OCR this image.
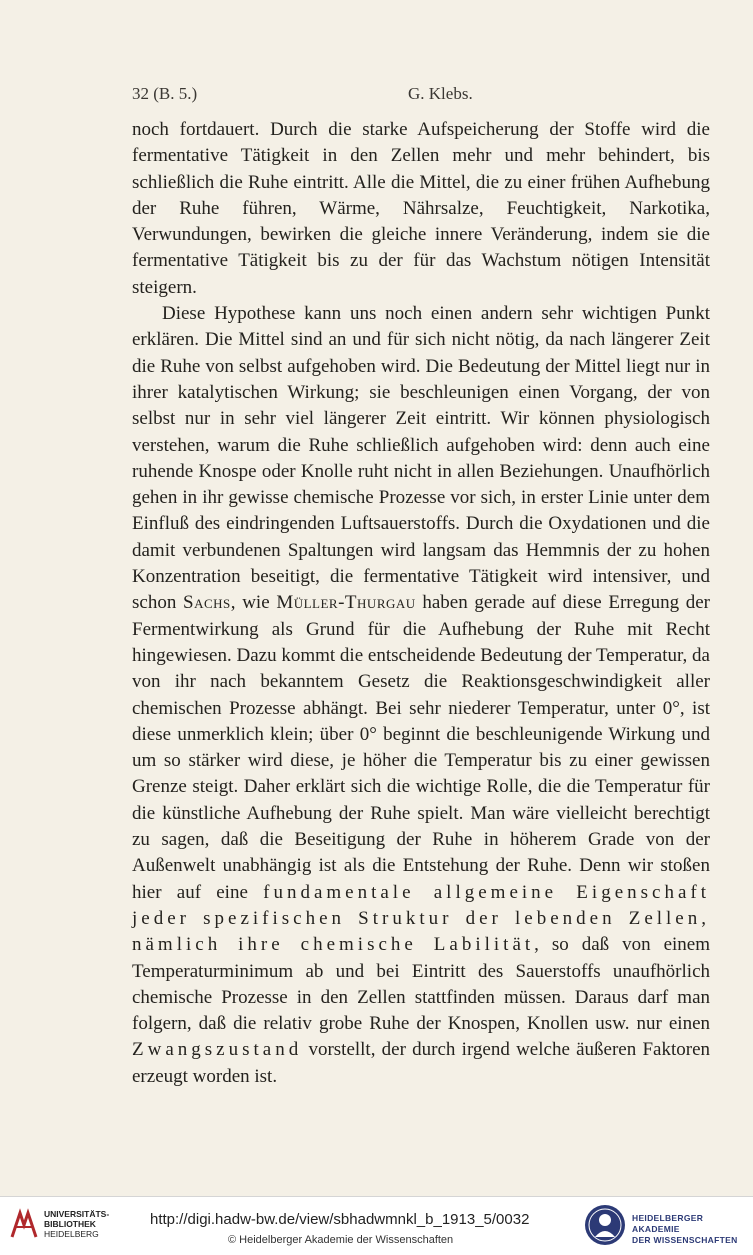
32 (B. 5.)	G. Klebs.

noch fortdauert. Durch die starke Aufspeicherung der Stoffe wird die fermentative Tätigkeit in den Zellen mehr und mehr behindert, bis schließlich die Ruhe eintritt. Alle die Mittel, die zu einer frühen Aufhebung der Ruhe führen, Wärme, Nährsalze, Feuchtigkeit, Narkotika, Verwundungen, bewirken die gleiche innere Veränderung, indem sie die fermentative Tätigkeit bis zu der für das Wachstum nötigen Intensität steigern.

Diese Hypothese kann uns noch einen andern sehr wichtigen Punkt erklären. Die Mittel sind an und für sich nicht nötig, da nach längerer Zeit die Ruhe von selbst aufgehoben wird. Die Bedeutung der Mittel liegt nur in ihrer katalytischen Wirkung; sie beschleunigen einen Vorgang, der von selbst nur in sehr viel längerer Zeit eintritt. Wir können physiologisch verstehen, warum die Ruhe schließlich aufgehoben wird: denn auch eine ruhende Knospe oder Knolle ruht nicht in allen Beziehungen. Unaufhörlich gehen in ihr gewisse chemische Prozesse vor sich, in erster Linie unter dem Einfluß des eindringenden Luftsauerstoffs. Durch die Oxydationen und die damit verbundenen Spaltungen wird langsam das Hemmnis der zu hohen Konzentration beseitigt, die fermentative Tätigkeit wird intensiver, und schon Sachs, wie Müller-Thurgau haben gerade auf diese Erregung der Fermentwirkung als Grund für die Aufhebung der Ruhe mit Recht hingewiesen. Dazu kommt die entscheidende Bedeutung der Temperatur, da von ihr nach bekanntem Gesetz die Reaktionsgeschwindigkeit aller chemischen Prozesse abhängt. Bei sehr niederer Temperatur, unter 0°, ist diese unmerklich klein; über 0° beginnt die beschleunigende Wirkung und um so stärker wird diese, je höher die Temperatur bis zu einer gewissen Grenze steigt. Daher erklärt sich die wichtige Rolle, die die Temperatur für die künstliche Aufhebung der Ruhe spielt. Man wäre vielleicht berechtigt zu sagen, daß die Beseitigung der Ruhe in höherem Grade von der Außenwelt unabhängig ist als die Entstehung der Ruhe. Denn wir stoßen hier auf eine fundamentale allgemeine Eigenschaft jeder spezifischen Struktur der lebenden Zellen, nämlich ihre chemische Labilität, so daß von einem Temperaturminimum ab und bei Eintritt des Sauerstoffs unaufhörlich chemische Prozesse in den Zellen stattfinden müssen. Daraus darf man folgern, daß die relativ grobe Ruhe der Knospen, Knollen usw. nur einen Zwangszustand vorstellt, der durch irgend welche äußeren Faktoren erzeugt worden ist.

UNIVERSITÄTS-
BIBLIOTHEK
HEIDELBERG
http://digi.hadw-bw.de/view/sbhadwmnkl_b_1913_5/0032
© Heidelberger Akademie der Wissenschaften
HEIDELBERGER AKADEMIE
DER WISSENSCHAFTEN
